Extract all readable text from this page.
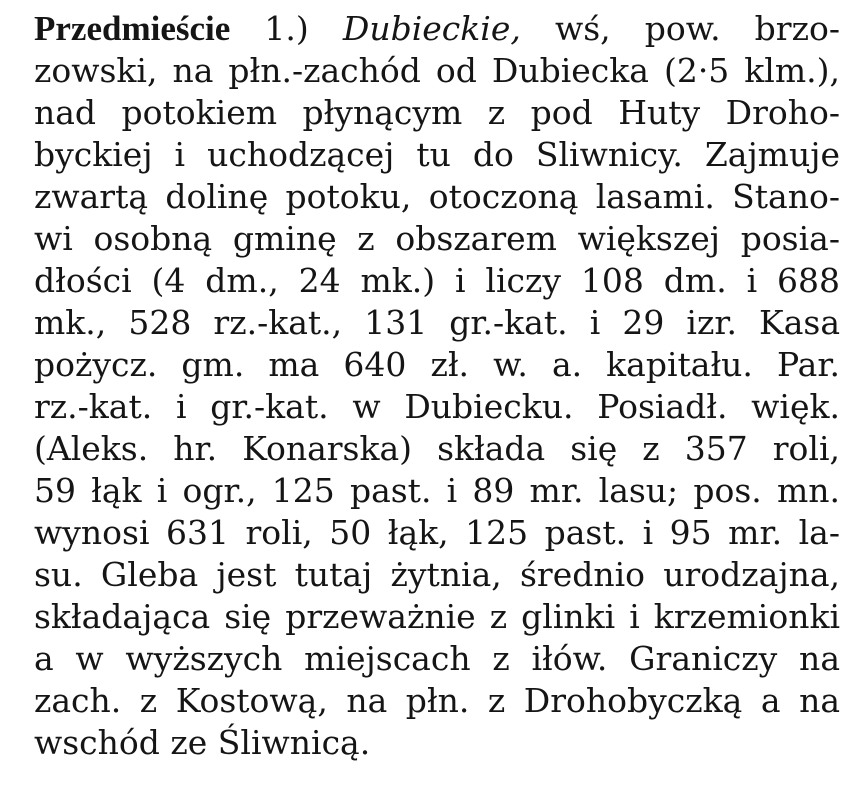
Przedmieście 1.) Dubieckie, wś, pow. brzo-
zowski, na płn.-zachód od Dubiecka (2·5 klm.),
nad potokiem płynącym z pod Huty Droho-
byckiej i uchodzącej tu do Sliwnicy. Zajmuje
zwartą dolinę potoku, otoczoną lasami. Stano-
wi osobną gminę z obszarem większej posia-
dłości (4 dm., 24 mk.) i liczy 108 dm. i 688
mk., 528 rz.-kat., 131 gr.-kat. i 29 izr. Kasa
pożycz. gm. ma 640 zł. w. a. kapitału. Par.
rz.-kat. i gr.-kat. w Dubiecku. Posiadł. więk.
(Aleks. hr. Konarska) składa się z 357 roli,
59 łąk i ogr., 125 past. i 89 mr. lasu; pos. mn.
wynosi 631 roli, 50 łąk, 125 past. i 95 mr. la-
su. Gleba jest tutaj żytnia, średnio urodzajna,
składająca się przeważnie z glinki i krzemionki
a w wyższych miejscach z iłów. Graniczy na
zach. z Kostową, na płn. z Drohobyczką a na
wschód ze Śliwnicą.
